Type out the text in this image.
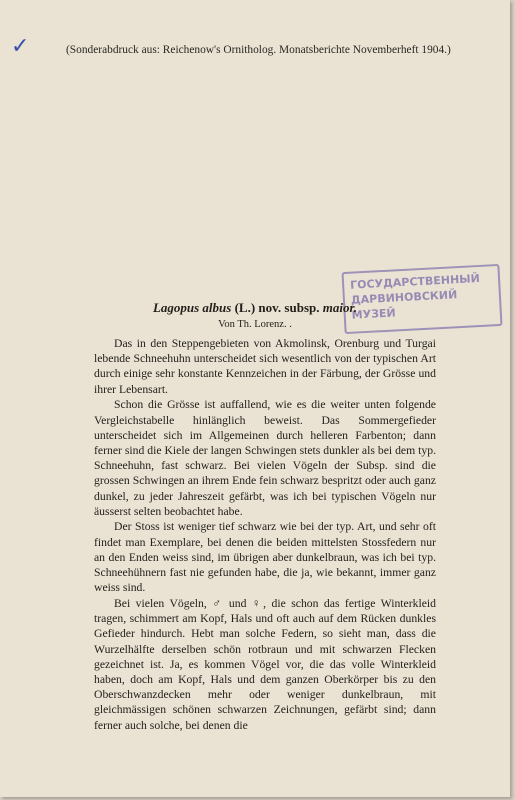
✓	(Sonderabdruck aus: Reichenow's Ornitholog. Monatsberichte Novemberheft 1904.)
ГОСУДАРСТВЕННЫЙ
ДАРВИНОВСКИЙ МУЗЕЙ
Lagopus albus (L.) nov. subsp. maior.
Von Th. Lorenz. .

Das in den Steppengebieten von Akmolinsk, Orenburg und Turgai lebende Schneehuhn unterscheidet sich wesentlich von der typischen Art durch einige sehr konstante Kennzeichen in der Färbung, der Grösse und ihrer Lebensart.

Schon die Grösse ist auffallend, wie es die weiter unten folgende Vergleichstabelle hinlänglich beweist. Das Sommergefieder unterscheidet sich im Allgemeinen durch helleren Farbenton; dann ferner sind die Kiele der langen Schwingen stets dunkler als bei dem typ. Schneehuhn, fast schwarz. Bei vielen Vögeln der Subsp. sind die grossen Schwingen an ihrem Ende fein schwarz bespritzt oder auch ganz dunkel, zu jeder Jahreszeit gefärbt, was ich bei typischen Vögeln nur äusserst selten beobachtet habe.

Der Stoss ist weniger tief schwarz wie bei der typ. Art, und sehr oft findet man Exemplare, bei denen die beiden mittelsten Stossfedern nur an den Enden weiss sind, im übrigen aber dunkelbraun, was ich bei typ. Schneehühnern fast nie gefunden habe, die ja, wie bekannt, immer ganz weiss sind.

Bei vielen Vögeln, ♂ und ♀, die schon das fertige Winterkleid tragen, schimmert am Kopf, Hals und oft auch auf dem Rücken dunkles Gefieder hindurch. Hebt man solche Federn, so sieht man, dass die Wurzelhälfte derselben schön rotbraun und mit schwarzen Flecken gezeichnet ist. Ja, es kommen Vögel vor, die das volle Winterkleid haben, doch am Kopf, Hals und dem ganzen Oberkörper bis zu den Oberschwanzdecken mehr oder weniger dunkelbraun, mit gleichmässigen schönen schwarzen Zeichnungen, gefärbt sind; dann ferner auch solche, bei denen die
